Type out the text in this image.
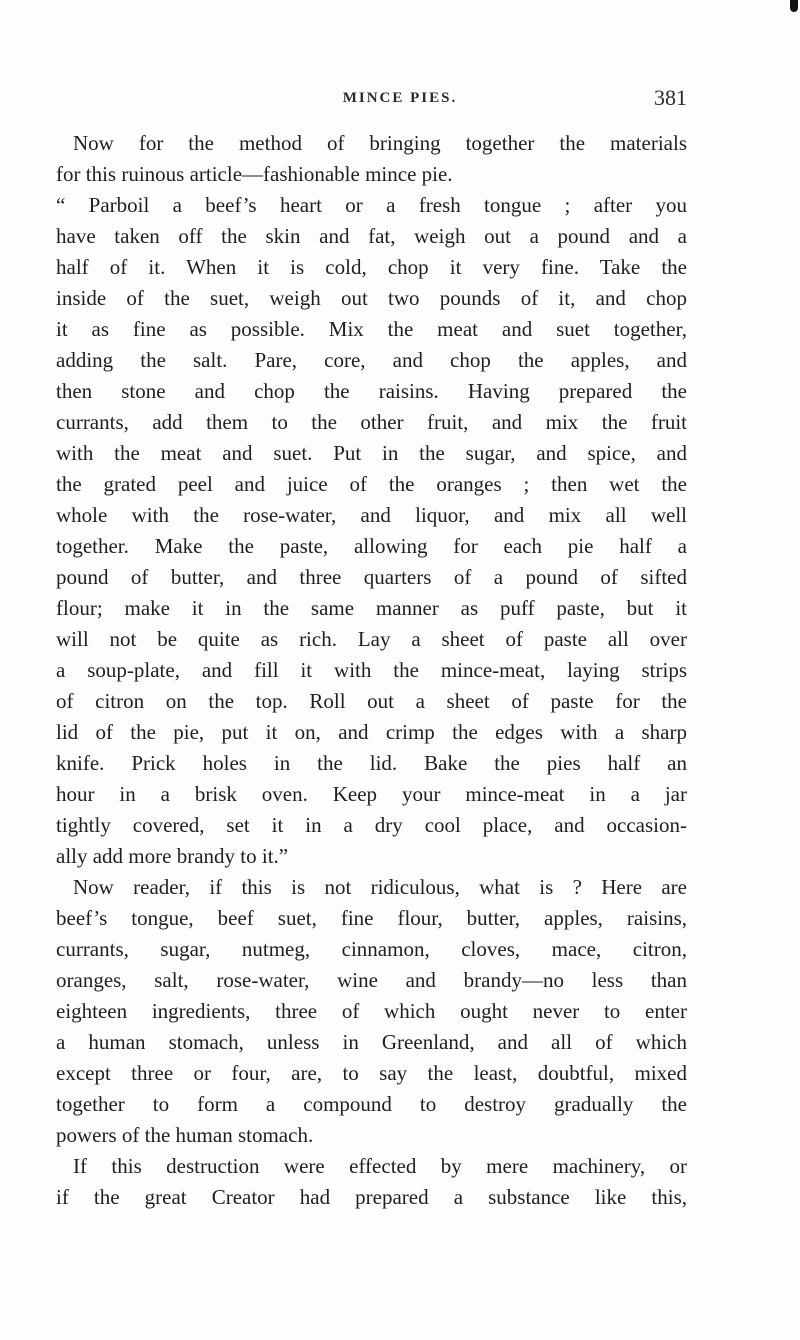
MINCE PIES.	381
Now for the method of bringing together the materials
for this ruinous article—fashionable mince pie.
“ Parboil a beef’s heart or a fresh tongue ; after you
have taken off the skin and fat, weigh out a pound and a
half of it. When it is cold, chop it very fine. Take the
inside of the suet, weigh out two pounds of it, and chop
it as fine as possible. Mix the meat and suet together,
adding the salt. Pare, core, and chop the apples, and
then stone and chop the raisins. Having prepared the
currants, add them to the other fruit, and mix the fruit
with the meat and suet. Put in the sugar, and spice, and
the grated peel and juice of the oranges ; then wet the
whole with the rose-water, and liquor, and mix all well
together. Make the paste, allowing for each pie half a
pound of butter, and three quarters of a pound of sifted
flour; make it in the same manner as puff paste, but it
will not be quite as rich. Lay a sheet of paste all over
a soup-plate, and fill it with the mince-meat, laying strips
of citron on the top. Roll out a sheet of paste for the
lid of the pie, put it on, and crimp the edges with a sharp
knife. Prick holes in the lid. Bake the pies half an
hour in a brisk oven. Keep your mince-meat in a jar
tightly covered, set it in a dry cool place, and occasion-
ally add more brandy to it.”
Now reader, if this is not ridiculous, what is ? Here are
beef’s tongue, beef suet, fine flour, butter, apples, raisins,
currants, sugar, nutmeg, cinnamon, cloves, mace, citron,
oranges, salt, rose-water, wine and brandy—no less than
eighteen ingredients, three of which ought never to enter
a human stomach, unless in Greenland, and all of which
except three or four, are, to say the least, doubtful, mixed
together to form a compound to destroy gradually the
powers of the human stomach.
If this destruction were effected by mere machinery, or
if the great Creator had prepared a substance like this,
